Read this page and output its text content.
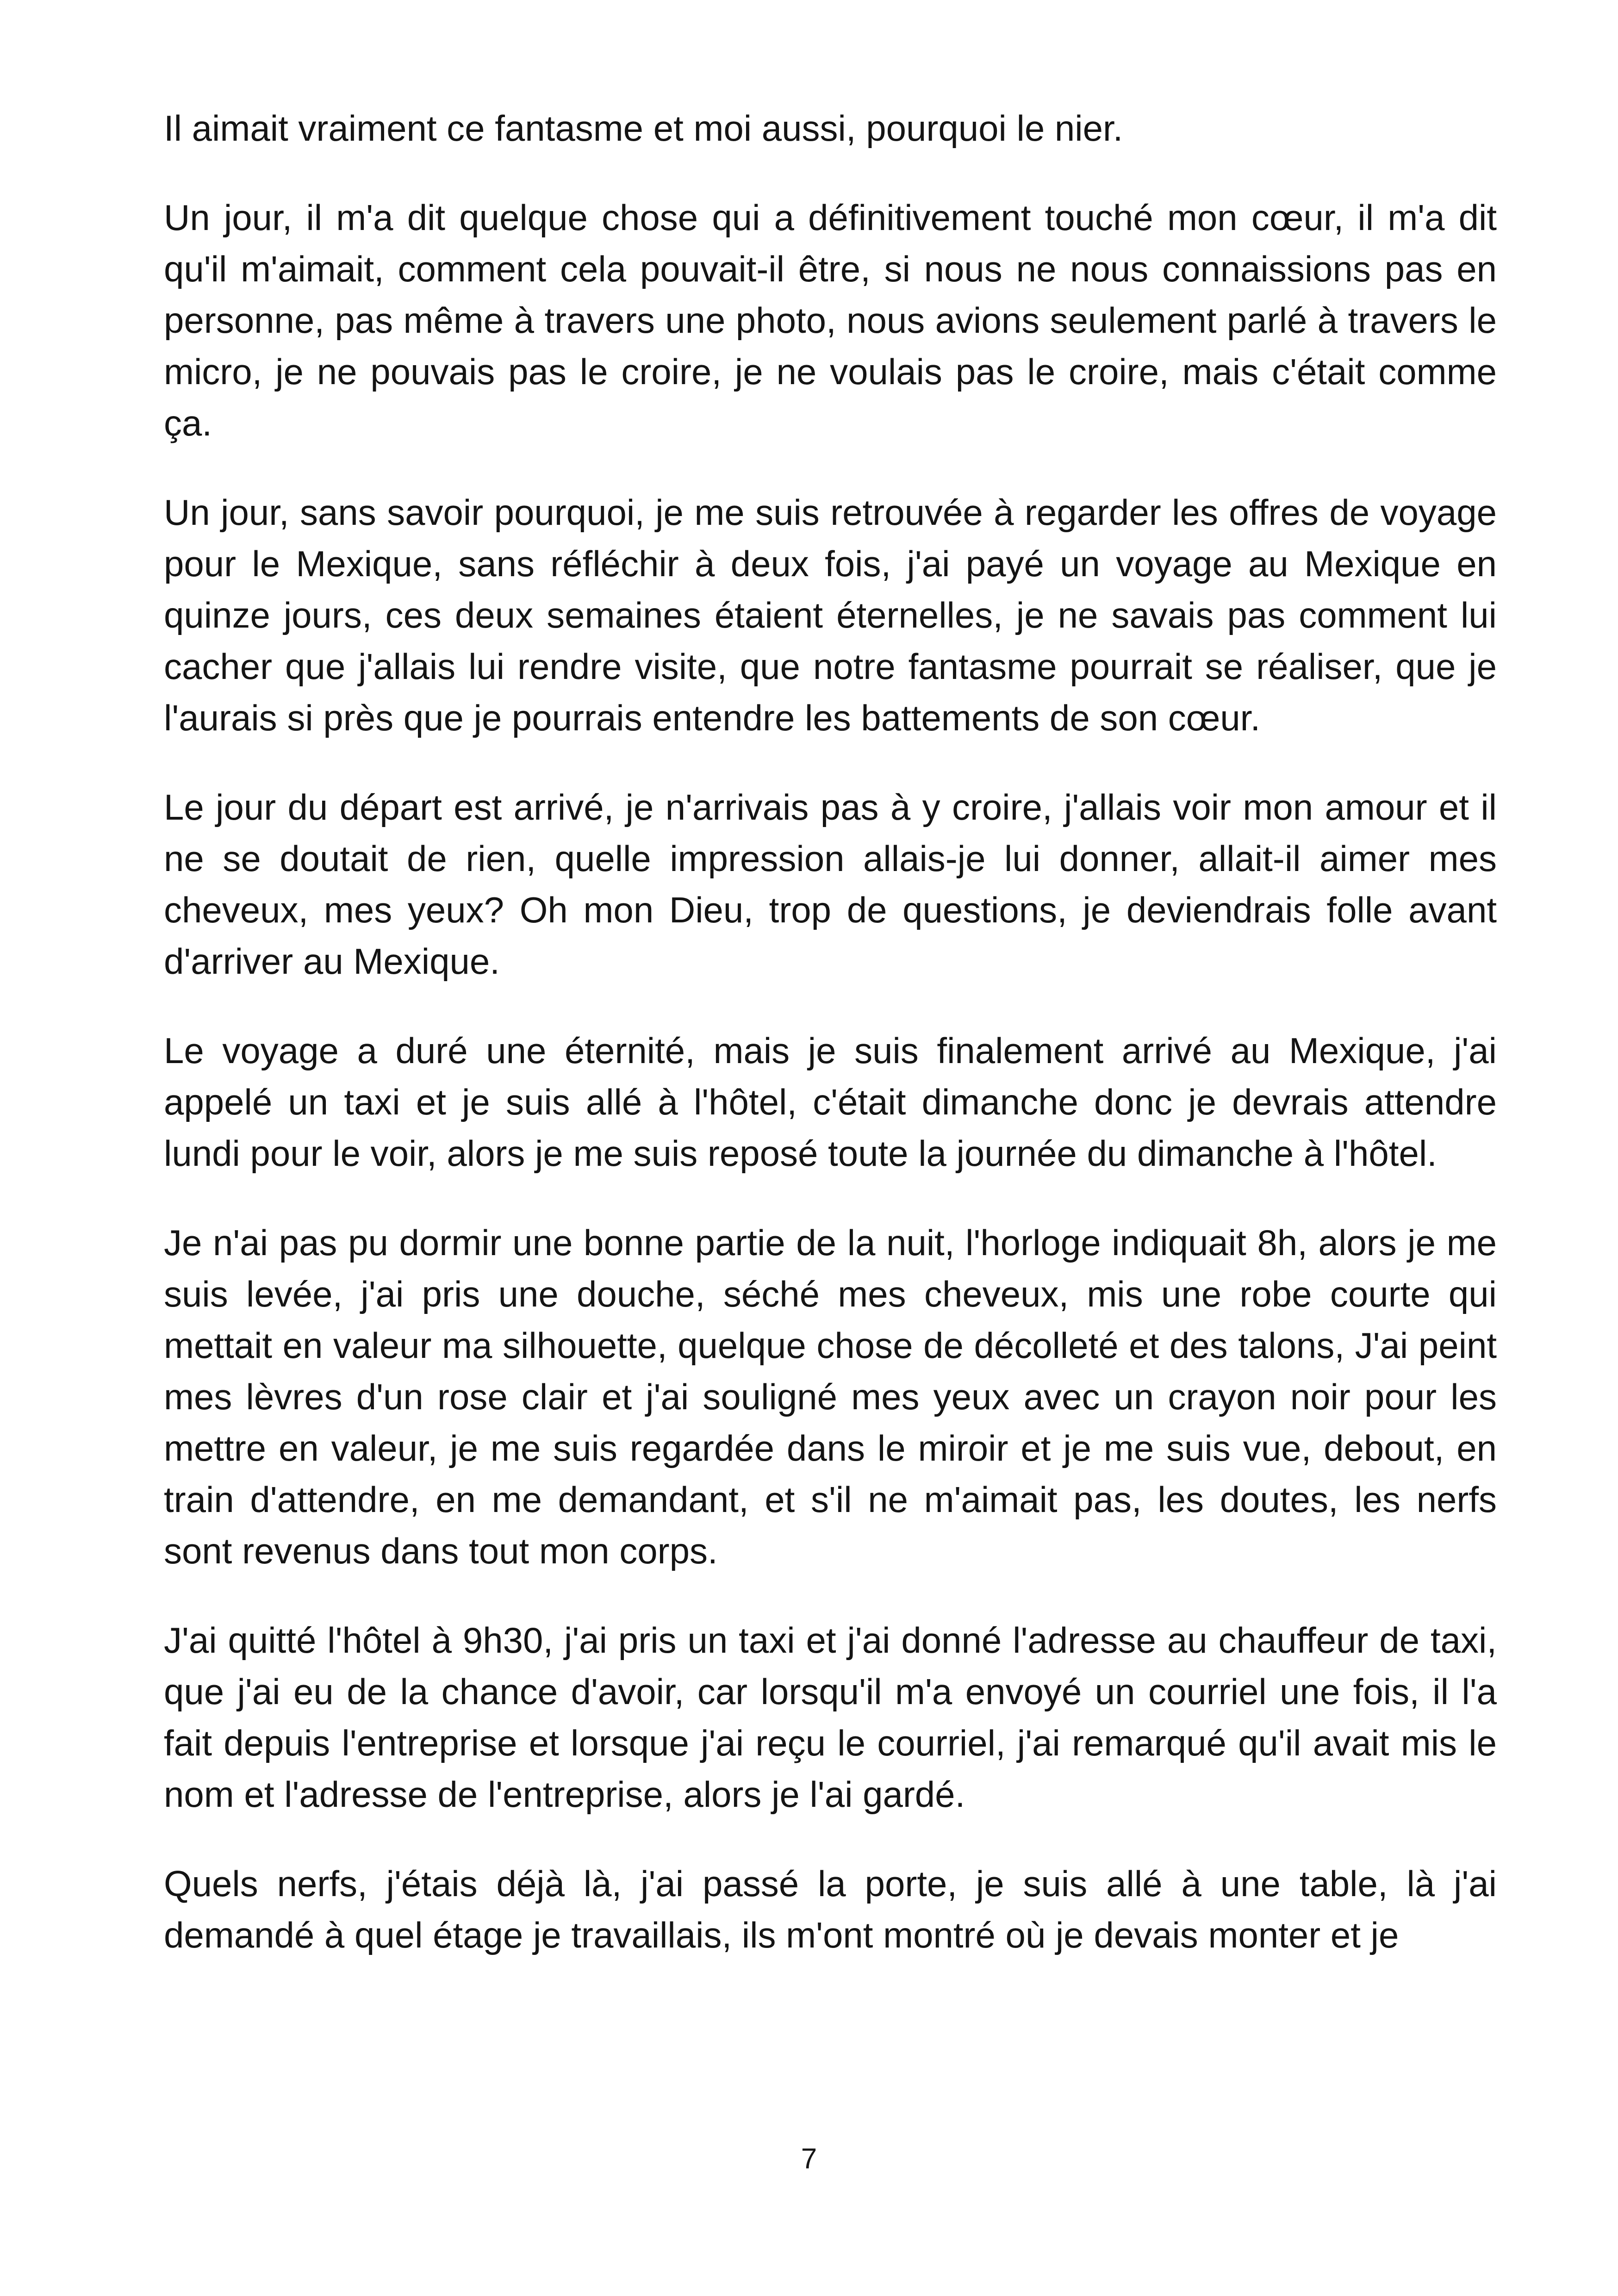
Il aimait vraiment ce fantasme et moi aussi, pourquoi le nier.

Un jour, il m'a dit quelque chose qui a définitivement touché mon cœur, il m'a dit qu'il m'aimait, comment cela pouvait-il être, si nous ne nous connaissions pas en personne, pas même à travers une photo, nous avions seulement parlé à travers le micro, je ne pouvais pas le croire, je ne voulais pas le croire, mais c'était comme ça.

Un jour, sans savoir pourquoi, je me suis retrouvée à regarder les offres de voyage pour le Mexique, sans réfléchir à deux fois, j'ai payé un voyage au Mexique en quinze jours, ces deux semaines étaient éternelles, je ne savais pas comment lui cacher que j'allais lui rendre visite, que notre fantasme pourrait se réaliser, que je l'aurais si près que je pourrais entendre les battements de son cœur.

Le jour du départ est arrivé, je n'arrivais pas à y croire, j'allais voir mon amour et il ne se doutait de rien, quelle impression allais-je lui donner, allait-il aimer mes cheveux, mes yeux? Oh mon Dieu, trop de questions, je deviendrais folle avant d'arriver au Mexique.

Le voyage a duré une éternité, mais je suis finalement arrivé au Mexique, j'ai appelé un taxi et je suis allé à l'hôtel, c'était dimanche donc je devrais attendre lundi pour le voir, alors je me suis reposé toute la journée du dimanche à l'hôtel.

Je n'ai pas pu dormir une bonne partie de la nuit, l'horloge indiquait 8h, alors je me suis levée, j'ai pris une douche, séché mes cheveux, mis une robe courte qui mettait en valeur ma silhouette, quelque chose de décolleté et des talons, J'ai peint mes lèvres d'un rose clair et j'ai souligné mes yeux avec un crayon noir pour les mettre en valeur, je me suis regardée dans le miroir et je me suis vue, debout, en train d'attendre, en me demandant, et s'il ne m'aimait pas, les doutes, les nerfs sont revenus dans tout mon corps.

J'ai quitté l'hôtel à 9h30, j'ai pris un taxi et j'ai donné l'adresse au chauffeur de taxi, que j'ai eu de la chance d'avoir, car lorsqu'il m'a envoyé un courriel une fois, il l'a fait depuis l'entreprise et lorsque j'ai reçu le courriel, j'ai remarqué qu'il avait mis le nom et l'adresse de l'entreprise, alors je l'ai gardé.

Quels nerfs, j'étais déjà là, j'ai passé la porte, je suis allé à une table, là j'ai demandé à quel étage je travaillais, ils m'ont montré où je devais monter et je

7
